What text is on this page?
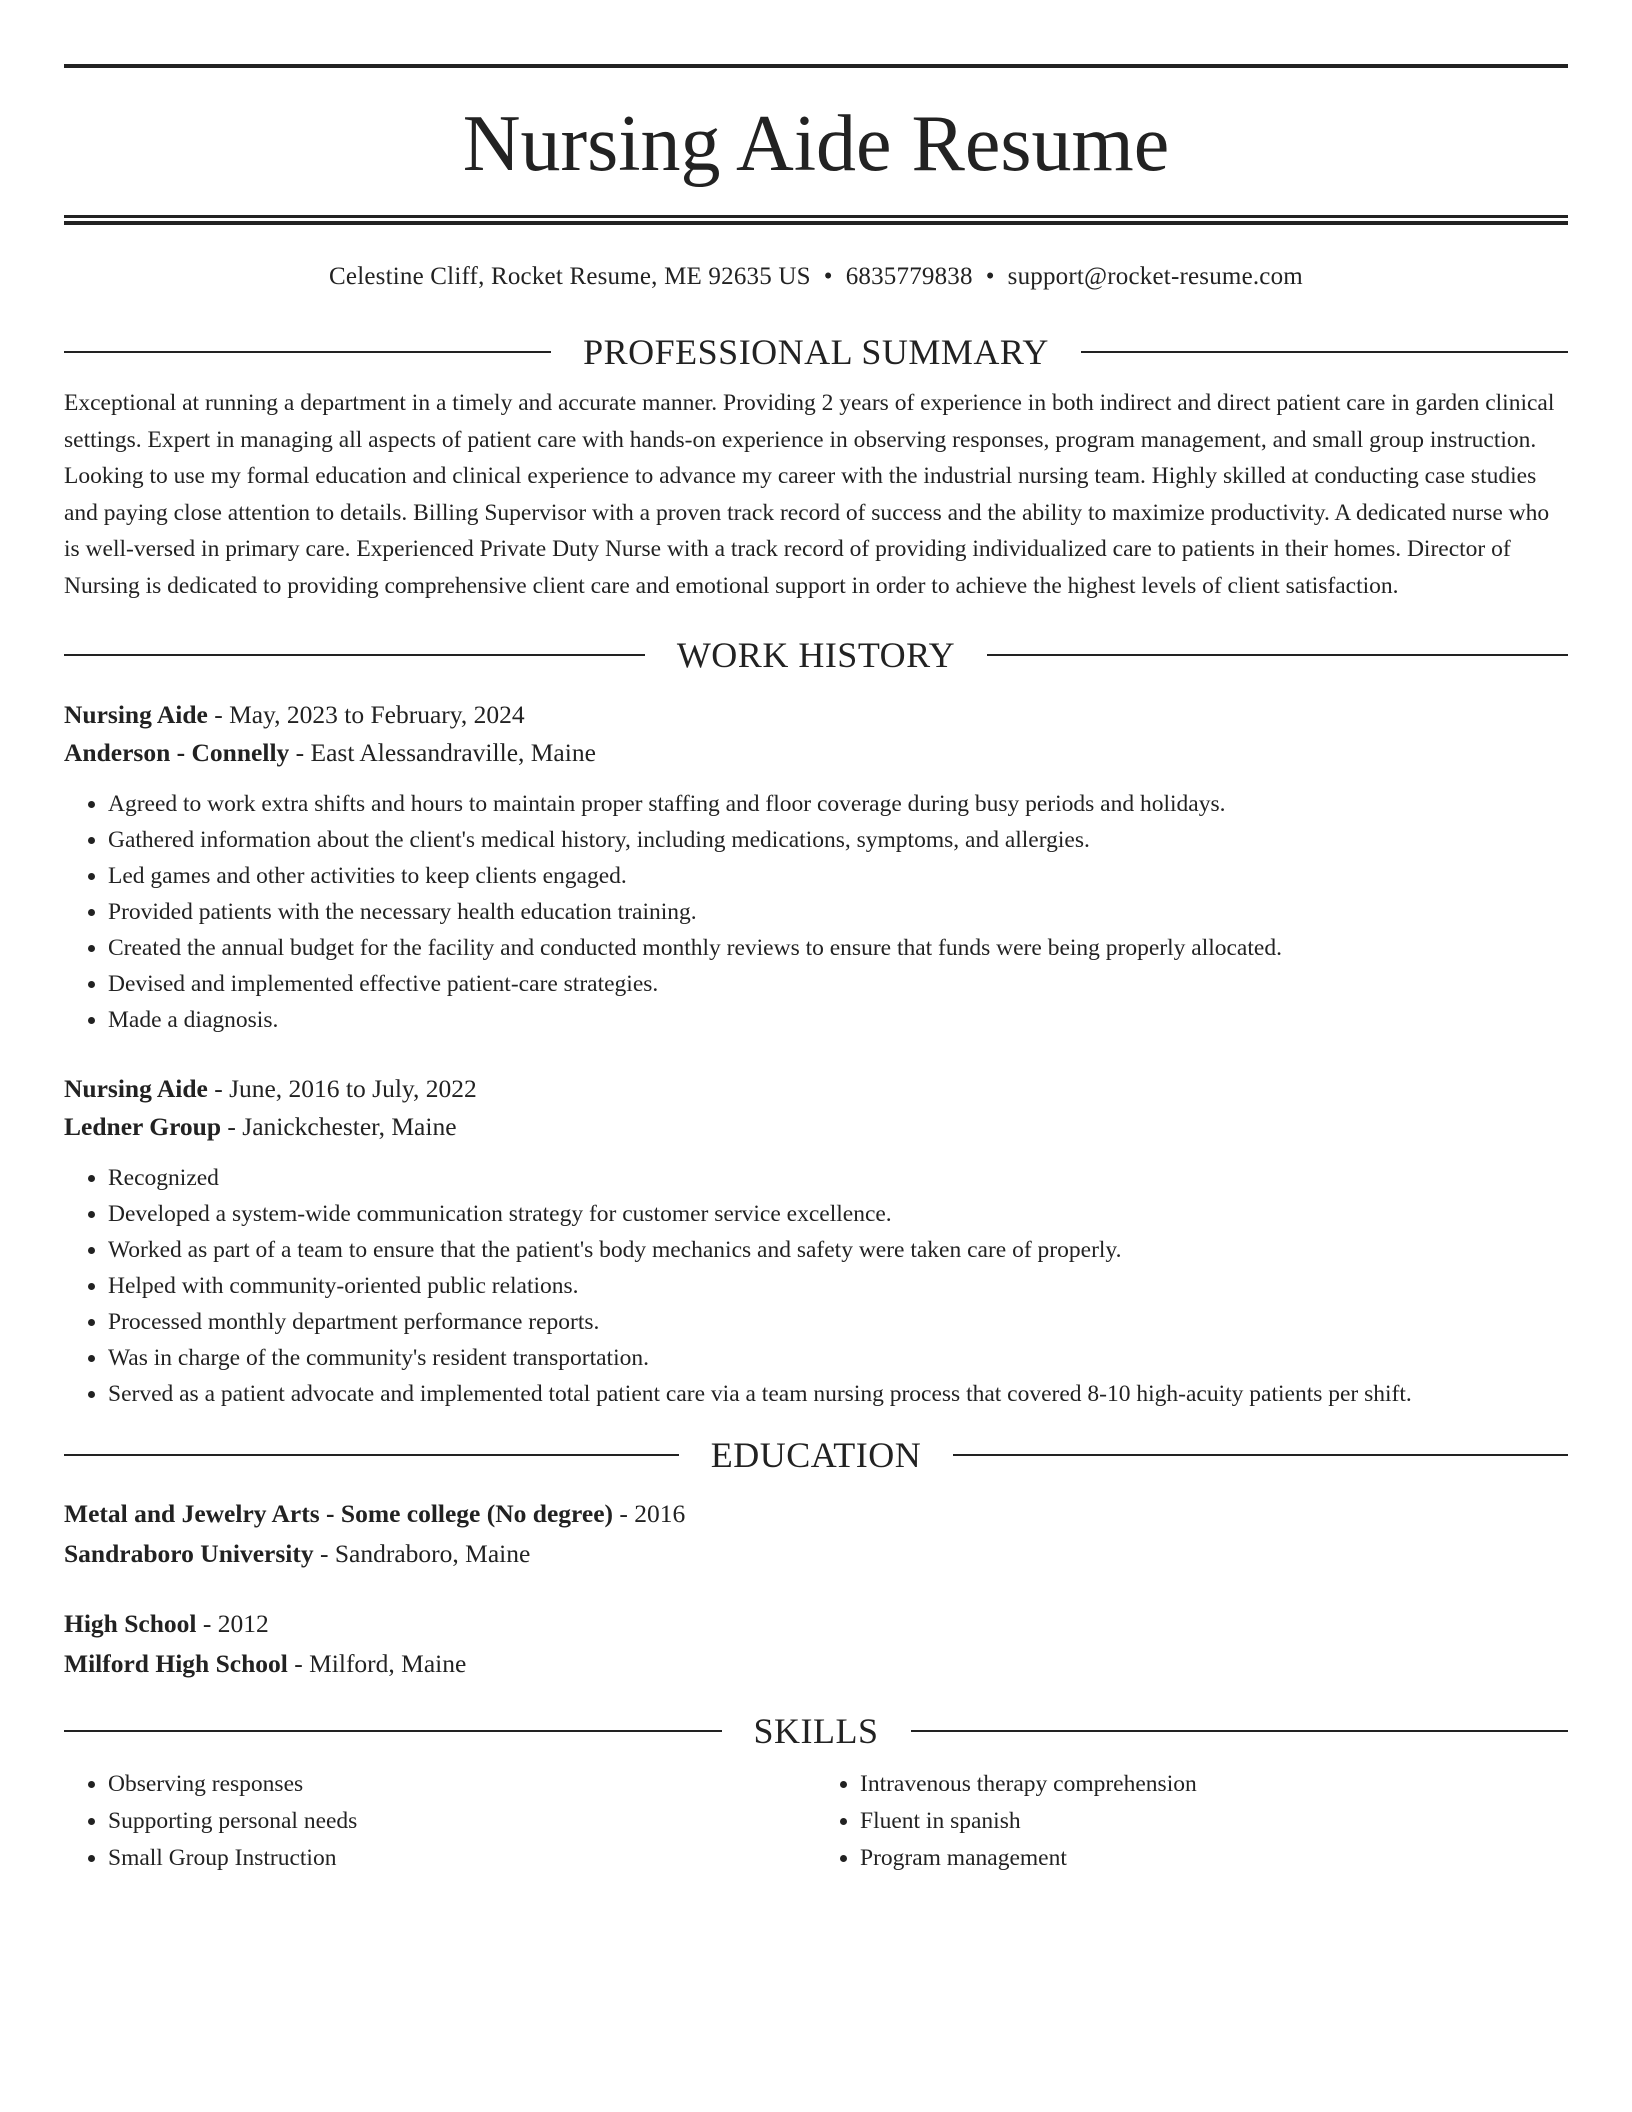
Nursing Aide Resume
Celestine Cliff, Rocket Resume, ME 92635 US • 6835779838 • support@rocket-resume.com
PROFESSIONAL SUMMARY

Exceptional at running a department in a timely and accurate manner. Providing 2 years of experience in both indirect and direct patient care in garden clinical settings. Expert in managing all aspects of patient care with hands-on experience in observing responses, program management, and small group instruction. Looking to use my formal education and clinical experience to advance my career with the industrial nursing team. Highly skilled at conducting case studies and paying close attention to details. Billing Supervisor with a proven track record of success and the ability to maximize productivity. A dedicated nurse who is well-versed in primary care. Experienced Private Duty Nurse with a track record of providing individualized care to patients in their homes. Director of Nursing is dedicated to providing comprehensive client care and emotional support in order to achieve the highest levels of client satisfaction.

WORK HISTORY
Nursing Aide - May, 2023 to February, 2024
Anderson - Connelly - East Alessandraville, Maine
• Agreed to work extra shifts and hours to maintain proper staffing and floor coverage during busy periods and holidays.
• Gathered information about the client's medical history, including medications, symptoms, and allergies.
• Led games and other activities to keep clients engaged.
• Provided patients with the necessary health education training.
• Created the annual budget for the facility and conducted monthly reviews to ensure that funds were being properly allocated.
• Devised and implemented effective patient-care strategies.
• Made a diagnosis.
Nursing Aide - June, 2016 to July, 2022
Ledner Group - Janickchester, Maine
• Recognized
• Developed a system-wide communication strategy for customer service excellence.
• Worked as part of a team to ensure that the patient's body mechanics and safety were taken care of properly.
• Helped with community-oriented public relations.
• Processed monthly department performance reports.
• Was in charge of the community's resident transportation.
• Served as a patient advocate and implemented total patient care via a team nursing process that covered 8-10 high-acuity patients per shift.
EDUCATION
Metal and Jewelry Arts - Some college (No degree) - 2016
Sandraboro University - Sandraboro, Maine
High School - 2012
Milford High School - Milford, Maine
SKILLS
• Observing responses
• Supporting personal needs
• Small Group Instruction
• Intravenous therapy comprehension
• Fluent in spanish
• Program management
